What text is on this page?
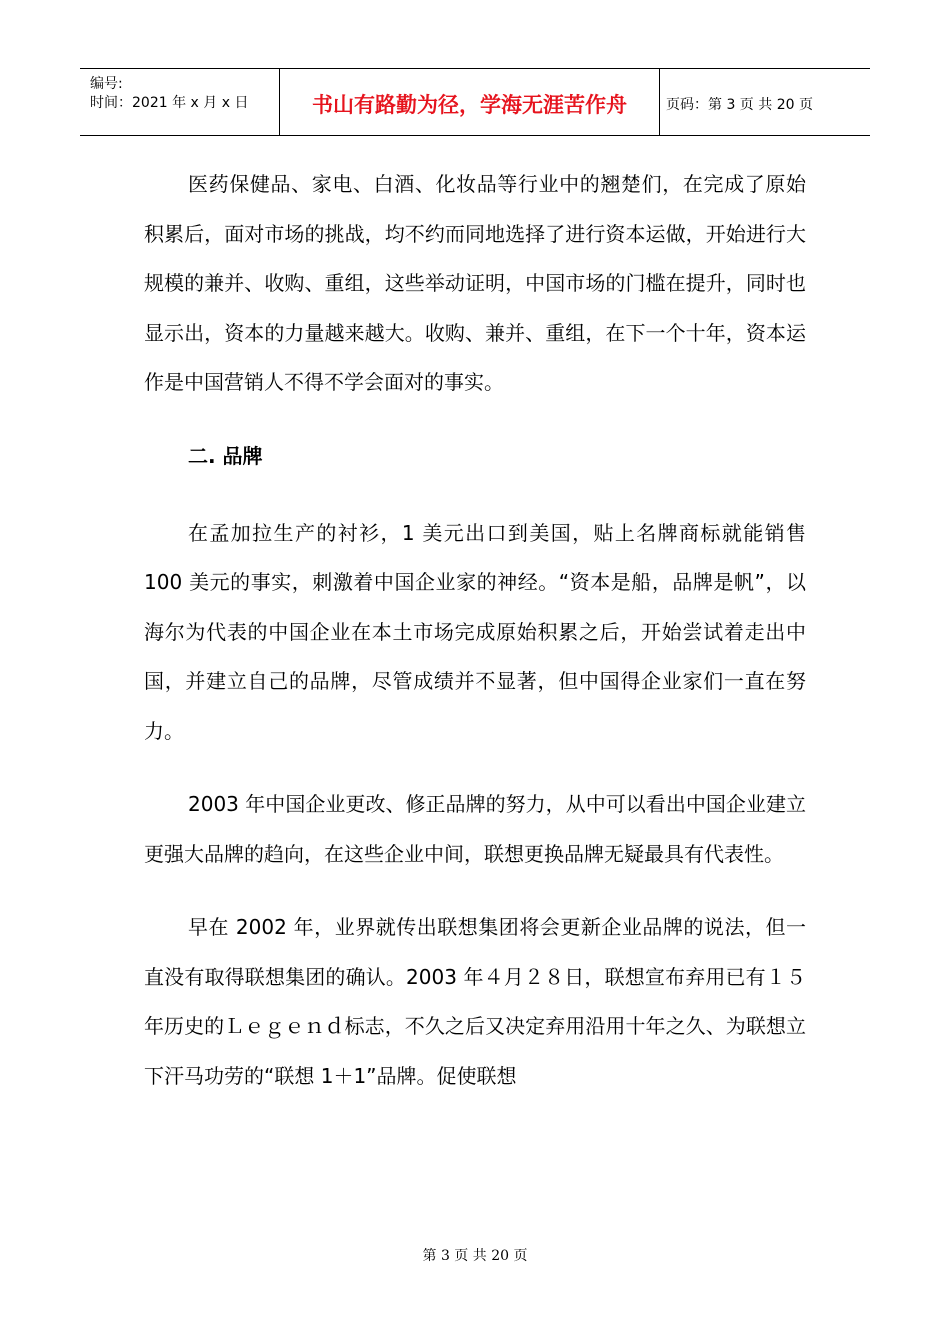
编号:
时间：2021 年 x 月 x 日	书山有路勤为径，学海无涯苦作舟	页码：第 3 页 共 20 页

医药保健品、家电、白酒、化妆品等行业中的翘楚们，在完成了原始积累后，面对市场的挑战，均不约而同地选择了进行资本运做，开始进行大规模的兼并、收购、重组，这些举动证明，中国市场的门槛在提升，同时也显示出，资本的力量越来越大。收购、兼并、重组，在下一个十年，资本运作是中国营销人不得不学会面对的事实。

二. 品牌

在孟加拉生产的衬衫，1 美元出口到美国，贴上名牌商标就能销售 100 美元的事实，刺激着中国企业家的神经。“资本是船，品牌是帆”，以海尔为代表的中国企业在本土市场完成原始积累之后，开始尝试着走出中国，并建立自己的品牌，尽管成绩并不显著，但中国得企业家们一直在努力。

2003 年中国企业更改、修正品牌的努力，从中可以看出中国企业建立更强大品牌的趋向，在这些企业中间，联想更换品牌无疑最具有代表性。

早在 2002 年，业界就传出联想集团将会更新企业品牌的说法，但一直没有取得联想集团的确认。2003 年４月２８日，联想宣布弃用已有１５年历史的Ｌｅｇｅｎｄ标志，不久之后又决定弃用沿用十年之久、为联想立下汗马功劳的“联想 1＋1”品牌。促使联想

第 3 页 共 20 页
